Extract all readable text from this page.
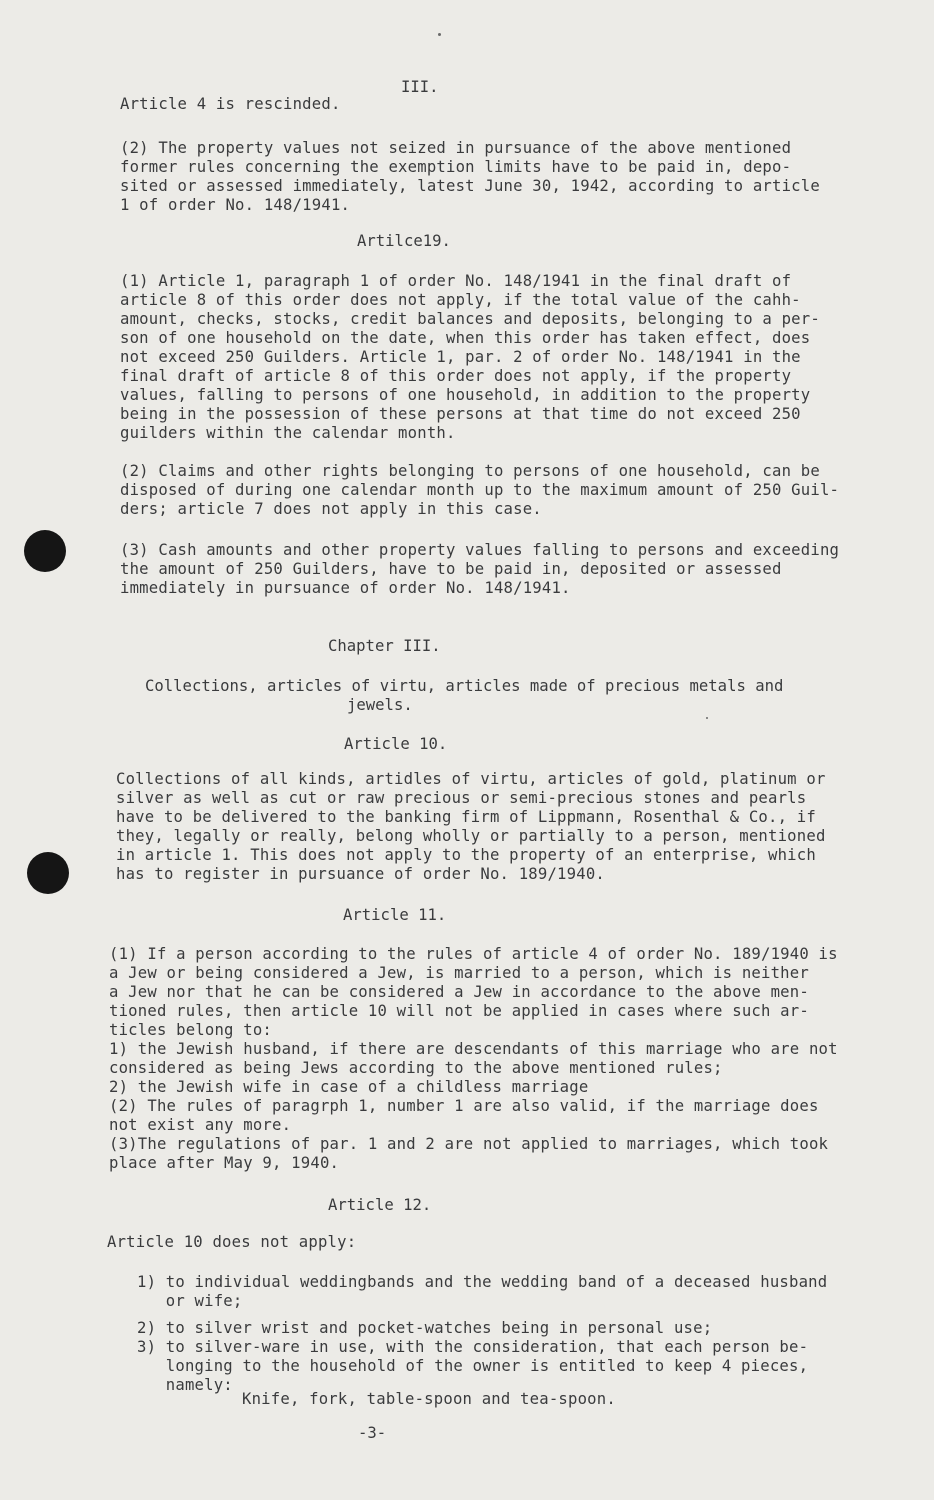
III.
Article 4 is rescinded.
(2) The property values not seized in pursuance of the above mentioned
former rules concerning the exemption limits have to be paid in, depo-
sited or assessed immediately, latest June 30, 1942, according to article
1 of order No. 148/1941.
Artilce19.
(1) Article 1, paragraph 1 of order No. 148/1941 in the final draft of
article 8 of this order does not apply, if the total value of the cahh-
amount, checks, stocks, credit balances and deposits, belonging to a per-
son of one household on the date, when this order has taken effect, does
not exceed 250 Guilders. Article 1, par. 2 of order No. 148/1941 in the
final draft of article 8 of this order does not apply, if the property
values, falling to persons of one household, in addition to the property
being in the possession of these persons at that time do not exceed 250
guilders within the calendar month.
(2) Claims and other rights belonging to persons of one household, can be
disposed of during one calendar month up to the maximum amount of 250 Guil-
ders; article 7 does not apply in this case.
(3) Cash amounts and other property values falling to persons and exceeding
the amount of 250 Guilders, have to be paid in, deposited or assessed
immediately in pursuance of order No. 148/1941.
Chapter III.
Collections, articles of virtu, articles made of precious metals and
jewels.
Article 10.
Collections of all kinds, artidles of virtu, articles of gold, platinum or
silver as well as cut or raw precious or semi-precious stones and pearls
have to be delivered to the banking firm of Lippmann, Rosenthal & Co., if
they, legally or really, belong wholly or partially to a person, mentioned
in article 1. This does not apply to the property of an enterprise, which
has to register in pursuance of order No. 189/1940.
Article 11.
(1) If a person according to the rules of article 4 of order No. 189/1940 is
a Jew or being considered a Jew, is married to a person, which is neither
a Jew nor that he can be considered a Jew in accordance to the above men-
tioned rules, then article 10 will not be applied in cases where such ar-
ticles belong to:
1) the Jewish husband, if there are descendants of this marriage who are not
considered as being Jews according to the above mentioned rules;
2) the Jewish wife in case of a childless marriage
(2) The rules of paragrph 1, number 1 are also valid, if the marriage does
not exist any more.
(3)The regulations of par. 1 and 2 are not applied to marriages, which took
place after May 9, 1940.
Article 12.
Article 10 does not apply:
1) to individual weddingbands and the wedding band of a deceased husband
or wife;
2) to silver wrist and pocket-watches being in personal use;
3) to silver-ware in use, with the consideration, that each person be-
longing to the household of the owner is entitled to keep 4 pieces,
namely:
Knife, fork, table-spoon and tea-spoon.
-3-
